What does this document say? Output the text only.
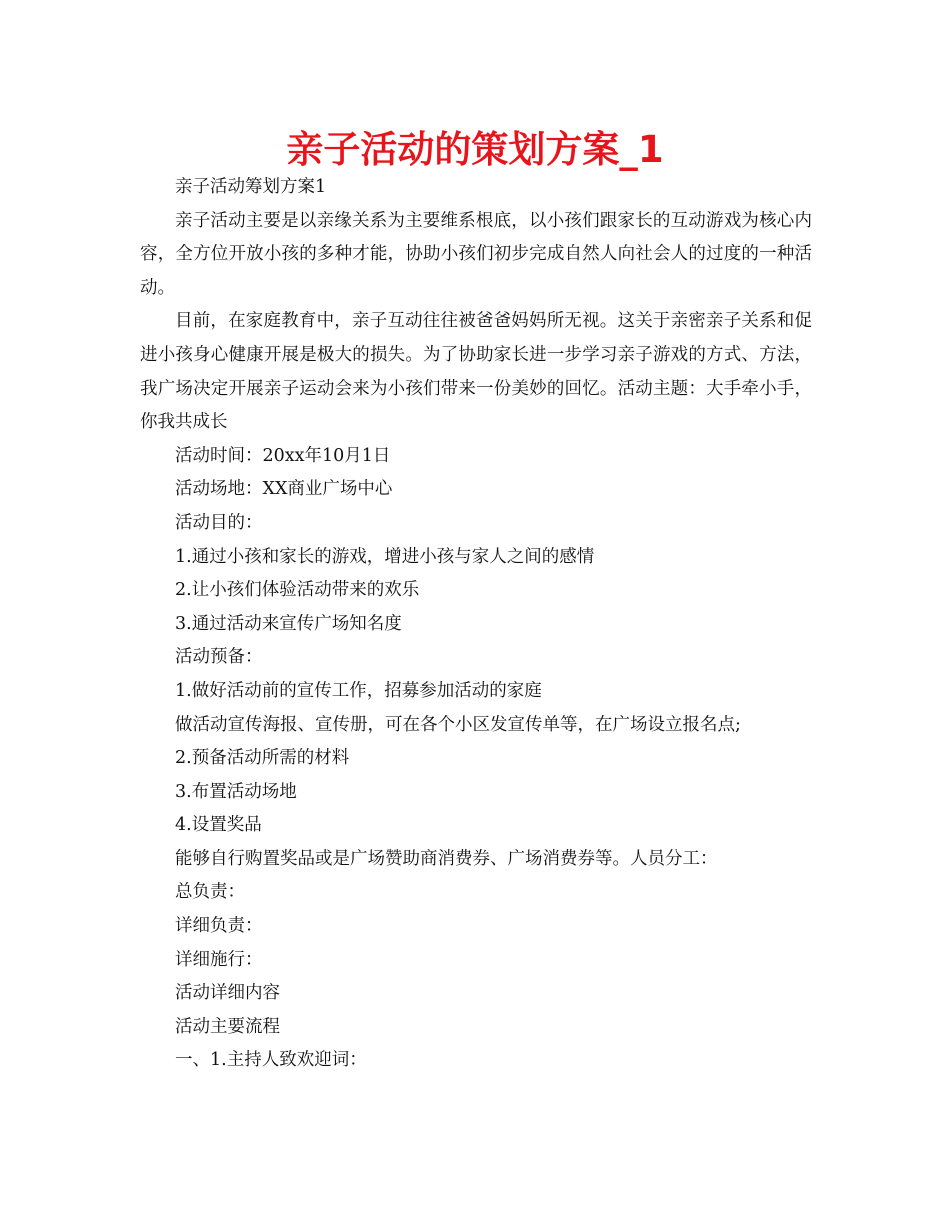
亲子活动的策划方案_1

亲子活动筹划方案1

亲子活动主要是以亲缘关系为主要维系根底，以小孩们跟家长的互动游戏为核心内容，全方位开放小孩的多种才能，协助小孩们初步完成自然人向社会人的过度的一种活动。

目前，在家庭教育中，亲子互动往往被爸爸妈妈所无视。这关于亲密亲子关系和促进小孩身心健康开展是极大的损失。为了协助家长进一步学习亲子游戏的方式、方法，我广场决定开展亲子运动会来为小孩们带来一份美妙的回忆。活动主题：大手牵小手，你我共成长

活动时间：20xx年10月1日

活动场地：XX商业广场中心

活动目的：

1.通过小孩和家长的游戏，增进小孩与家人之间的感情

2.让小孩们体验活动带来的欢乐

3.通过活动来宣传广场知名度

活动预备：

1.做好活动前的宣传工作，招募参加活动的家庭

做活动宣传海报、宣传册，可在各个小区发宣传单等，在广场设立报名点;

2.预备活动所需的材料

3.布置活动场地

4.设置奖品

能够自行购置奖品或是广场赞助商消费券、广场消费券等。人员分工：

总负责：

详细负责：

详细施行：

活动详细内容

活动主要流程

一、1.主持人致欢迎词：
